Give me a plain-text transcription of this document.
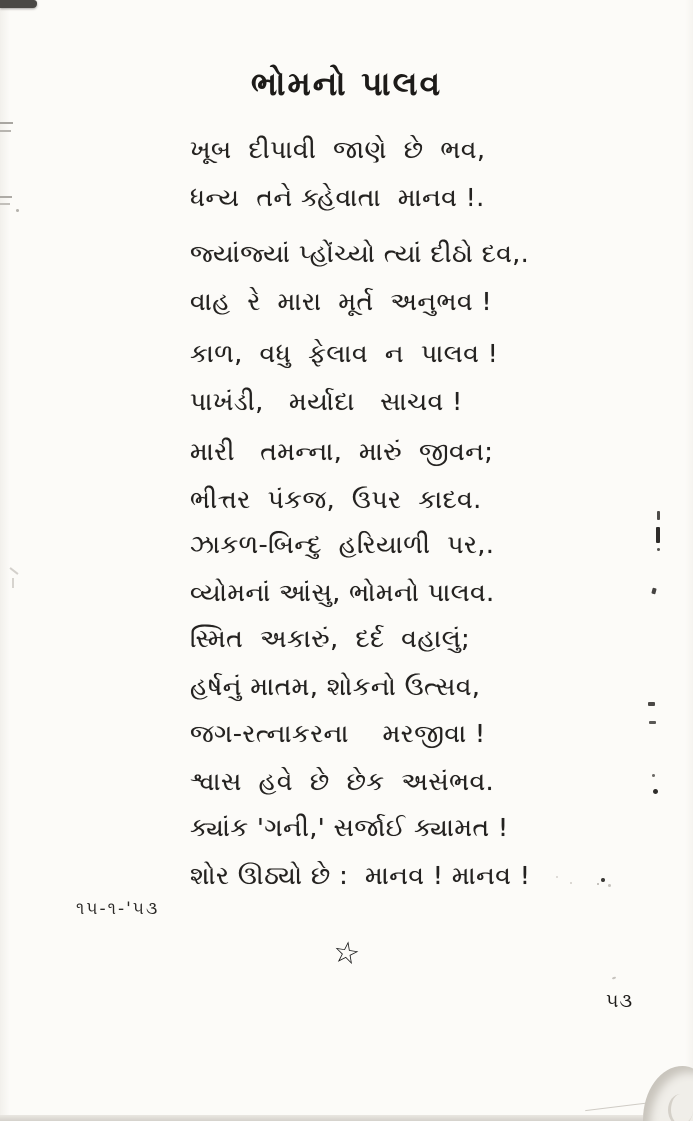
ભોમનો પાલવ
ખૂબ  દીપાવી  જાણે  છે  ભવ,
ધન્ય  તને ક્હેવાતા  માનવ !.
જ્યાંજ્યાં પ્હોંચ્યો ત્યાં દીઠો દવ,.
વાહ  રે  મારા  મૂર્ત  અનુભવ !
કાળ,  વધુ  ફેલાવ  ન  પાલવ !
પાખંડી,   મર્યાદા   સાચવ !
મારી   તમન્ના,  મારું  જીવન;
ભીત્તર  પંકજ,  ઉપર  કાદવ.
ઝાકળ-બિન્દુ  હરિયાળી  પર,.
વ્યોમનાં આંસુ, ભોમનો પાલવ.
સ્મિત  અકારું,  દર્દ  વહાલું;
હર્ષનું માતમ, શોકનો ઉત્સવ,
જગ-રત્નાકરના    મરજીવા !
શ્વાસ  હવે  છે  છેક  અસંભવ.
ક્યાંક 'ગની,' સર્જાઈ ક્યામત !
શોર ઊઠ્યો છે :  માનવ ! માનવ !
૧૫-૧-'૫૩
☆
૫૩
